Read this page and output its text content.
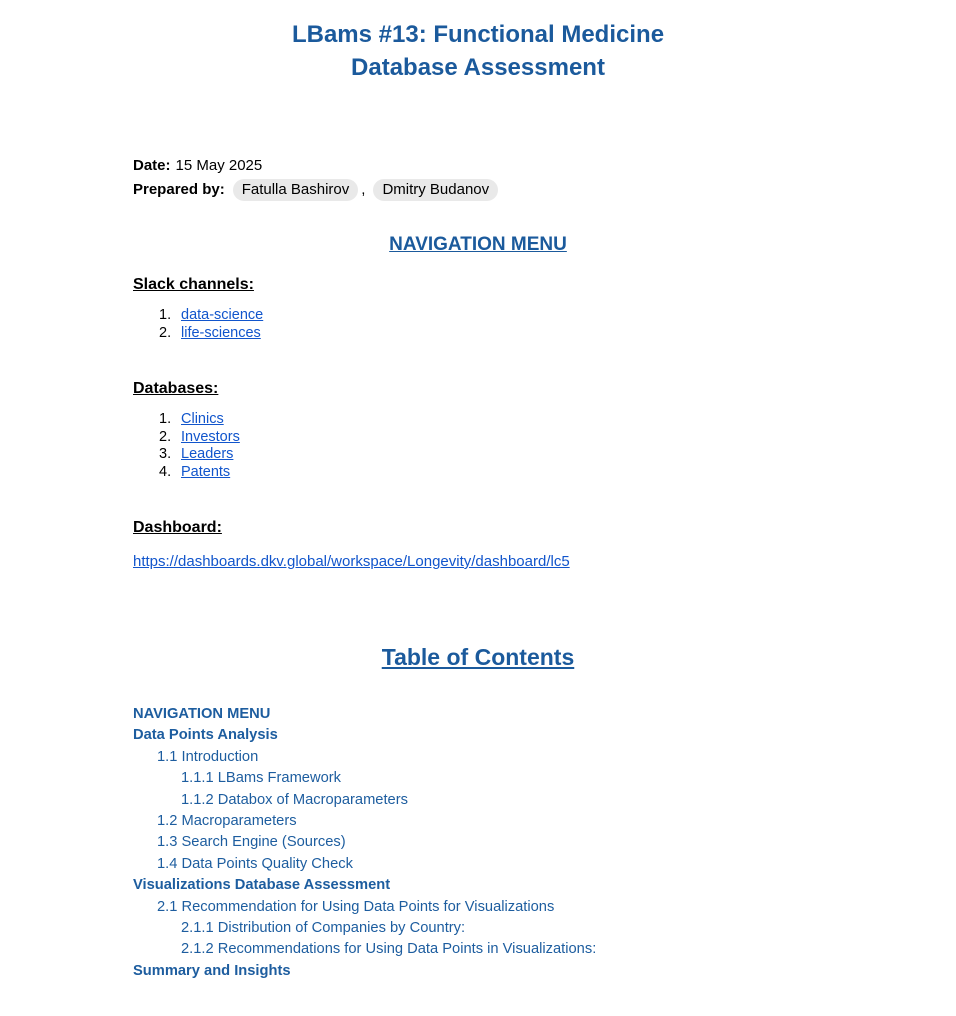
LBams #13: Functional Medicine Database Assessment
Date: 15 May 2025
Prepared by:	Fatulla Bashirov ,	Dmitry Budanov
NAVIGATION MENU
Slack channels:
1. data-science
2. life-sciences
Databases:
1. Clinics
2. Investors
3. Leaders
4. Patents
Dashboard:
https://dashboards.dkv.global/workspace/Longevity/dashboard/lc5
Table of Contents
NAVIGATION MENU
Data Points Analysis
1.1 Introduction
1.1.1 LBams Framework
1.1.2 Databox of Macroparameters
1.2 Macroparameters
1.3 Search Engine (Sources)
1.4 Data Points Quality Check
Visualizations Database Assessment
2.1 Recommendation for Using Data Points for Visualizations
2.1.1 Distribution of Companies by Country:
2.1.2 Recommendations for Using Data Points in Visualizations:
Summary and Insights
